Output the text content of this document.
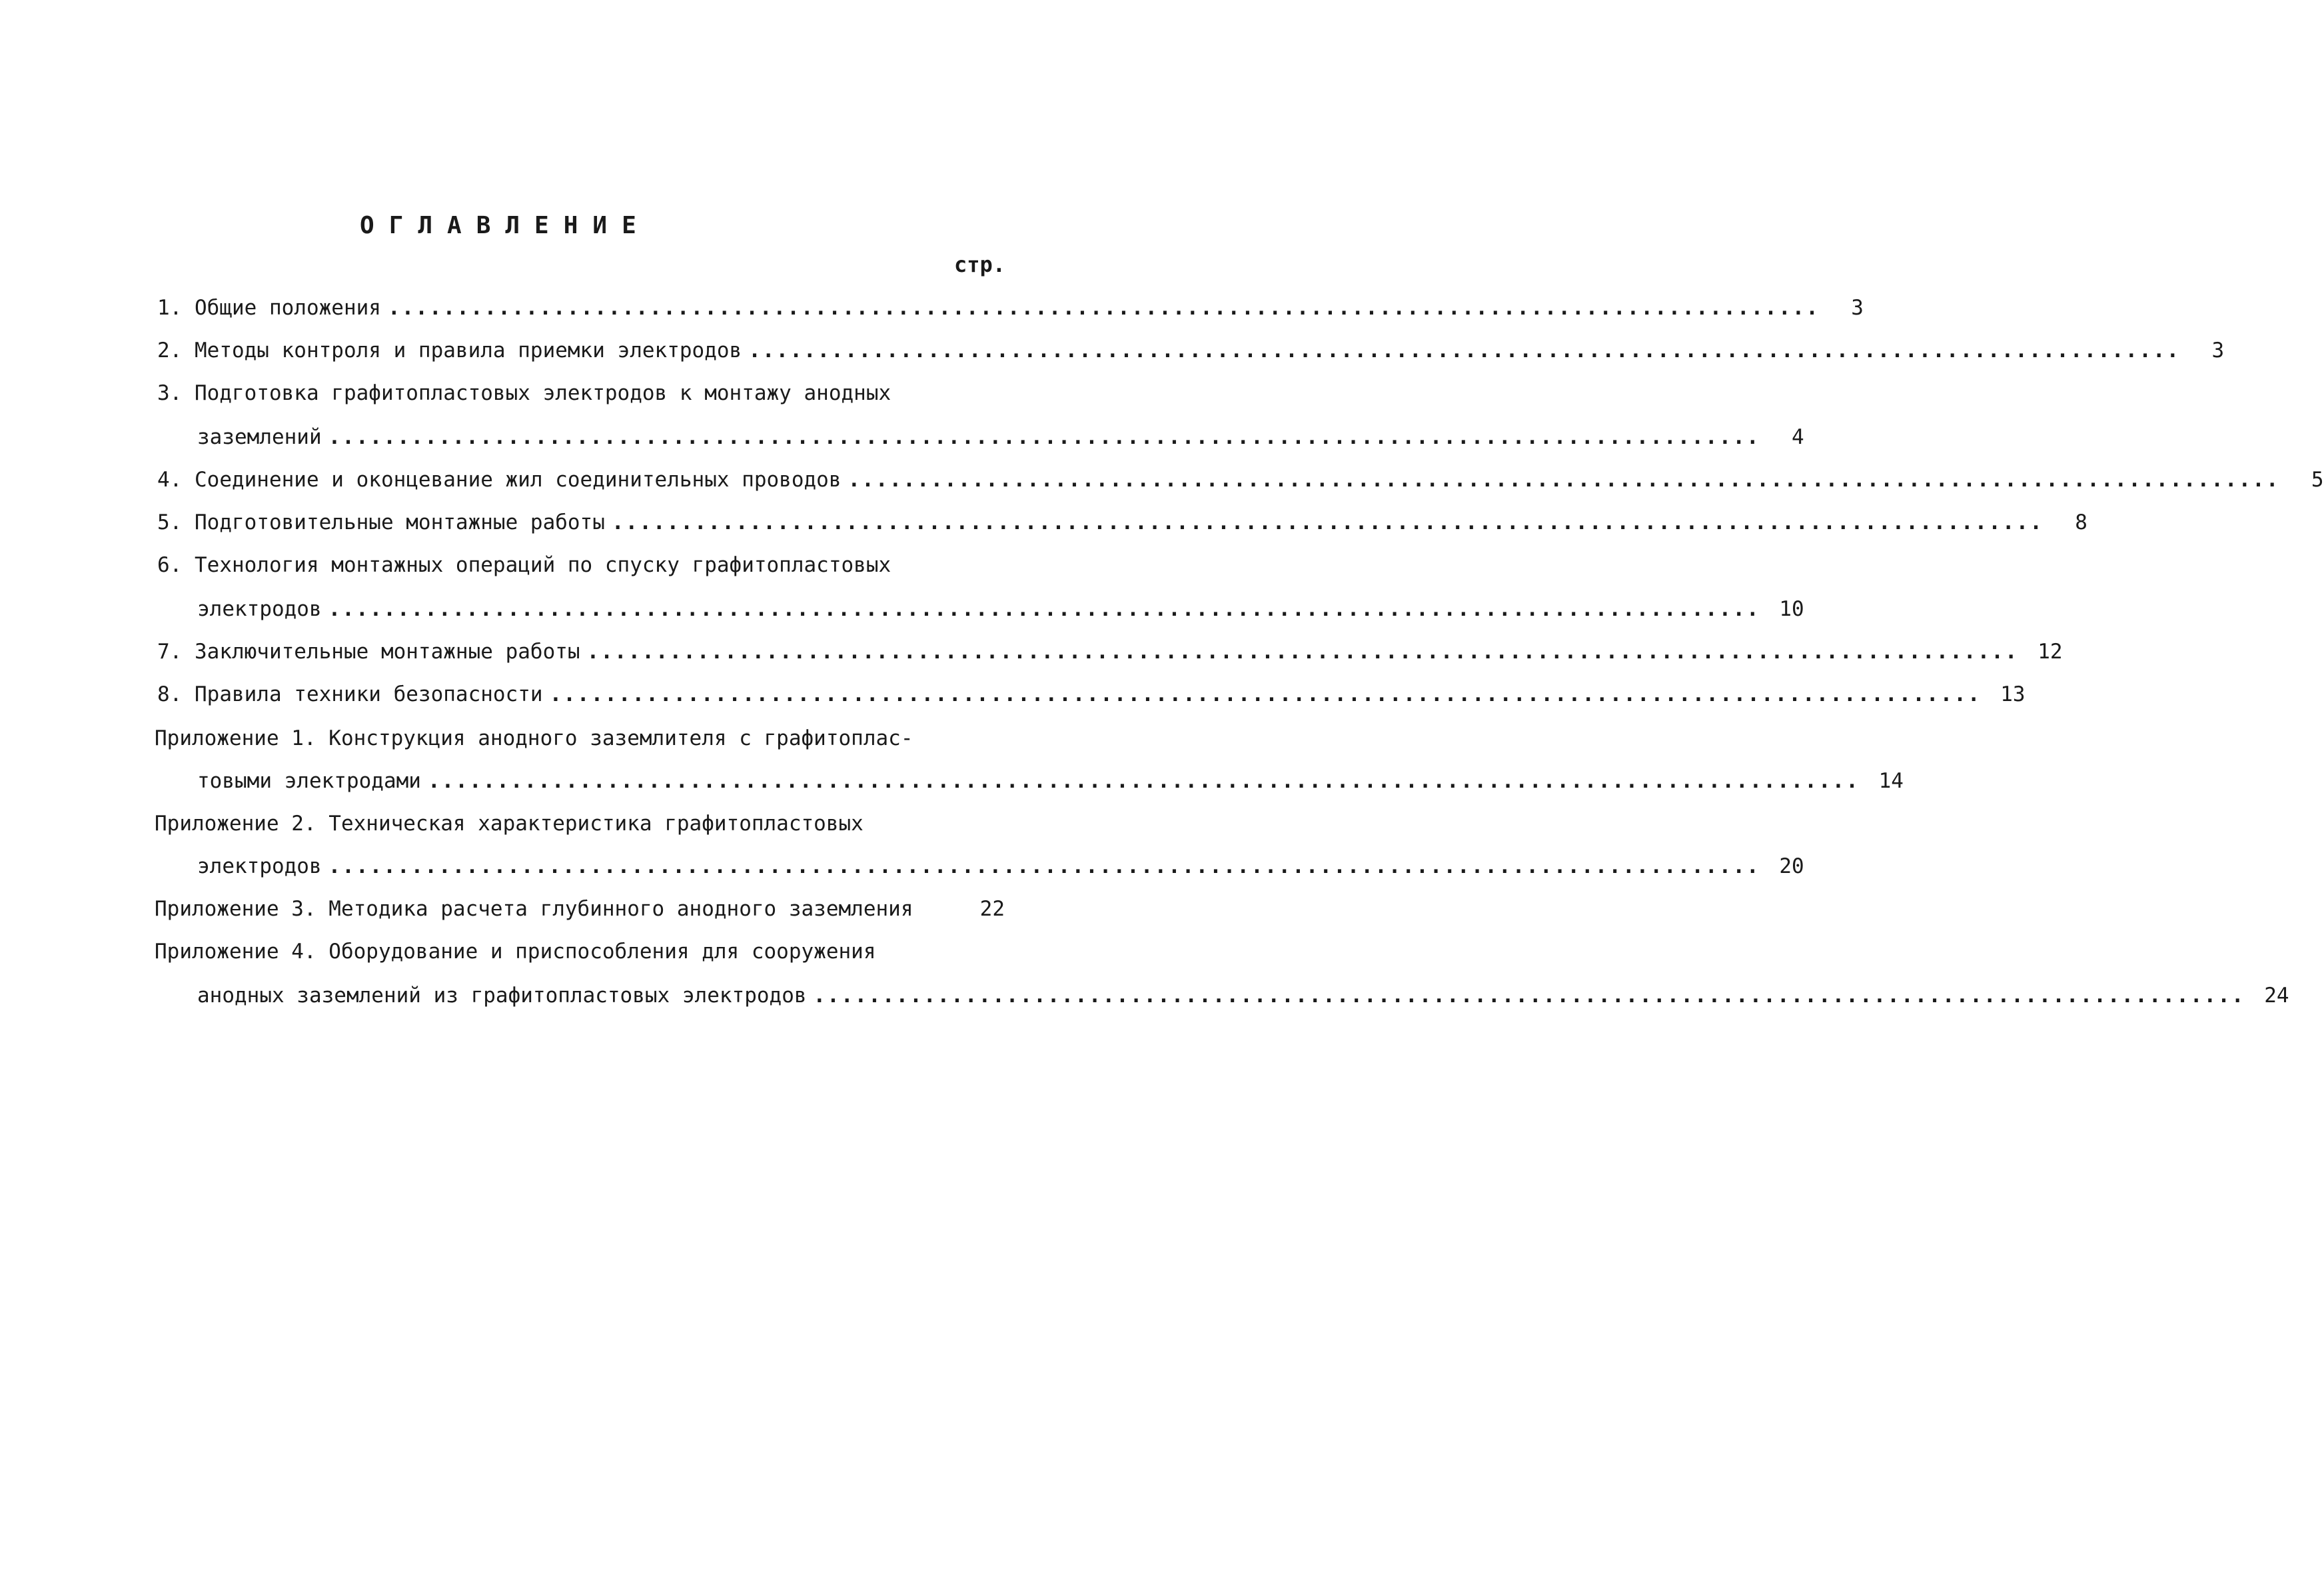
ОГЛАВЛЕНИЕ
стр.
1. Общие положения ........................................................................................................	3
2. Методы контроля и правила приемки электродов ........................................................................................................	3
3. Подготовка графитопластовых электродов к монтажу анодных
заземлений ........................................................................................................	4
4. Соединение и оконцевание жил соединительных проводов ........................................................................................................	5
5. Подготовительные монтажные работы ........................................................................................................	8
6. Технология монтажных операций по спуску графитопластовых
электродов ........................................................................................................ 10
7. Заключительные монтажные работы ........................................................................................................ 12
8. Правила техники безопасности ........................................................................................................ 13
Приложение 1. Конструкция анодного заземлителя с графитоплас-
товыми электродами ........................................................................................................ 14
Приложение 2. Техническая характеристика графитопластовых
электродов ........................................................................................................ 20
Приложение 3. Методика расчета глубинного анодного заземления	22
Приложение 4. Оборудование и приспособления для сооружения
анодных заземлений из графитопластовых электродов ........................................................................................................ 24
